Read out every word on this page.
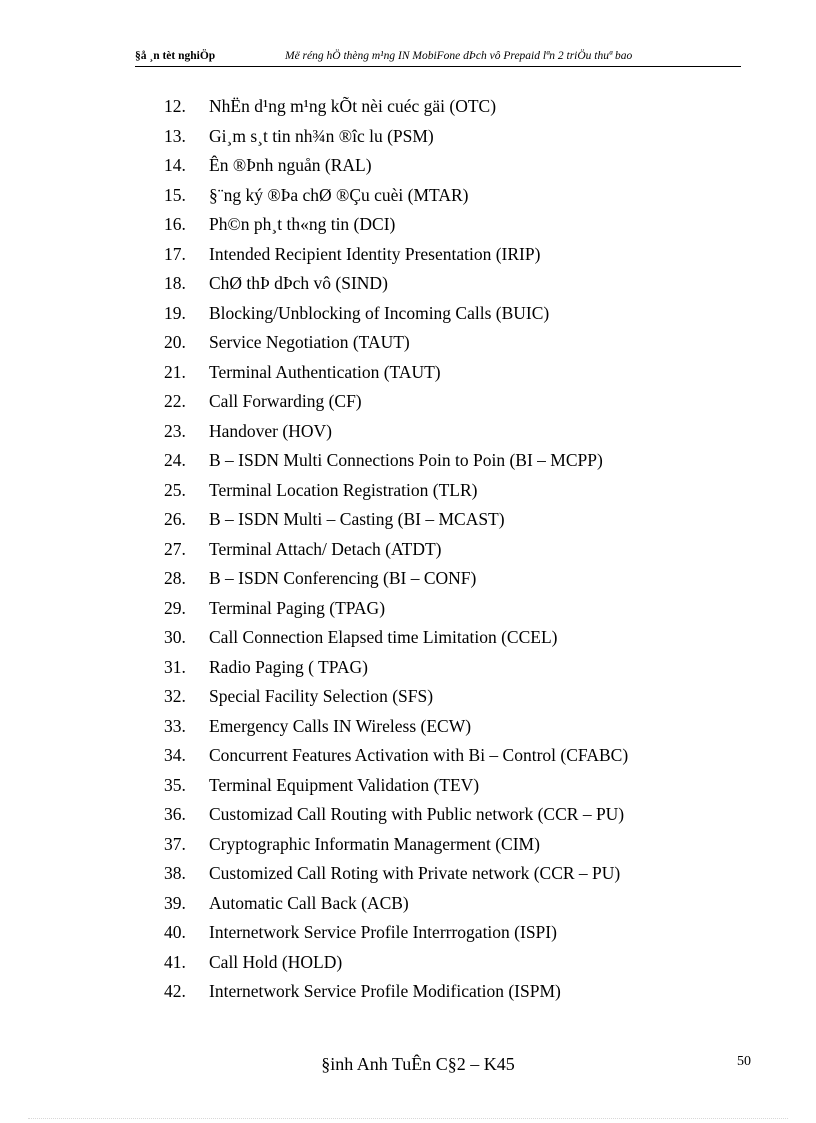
§å ¸n tèt nghiÖp	Më réng hÖ thèng m¹ng IN MobiFone dÞch vô Prepaid lªn 2 triÖu thuª bao
12.	NhËn d¹ng m¹ng kÕt nèi cuéc gäi (OTC)
13.	Gi¸m s¸t tin nh¾n ®îc lu (PSM)
14.	Ên ®Þnh nguån (RAL)
15.	§¨ng ký ®Þa chØ ®Çu cuèi (MTAR)
16.	Ph©n ph¸t th«ng tin (DCI)
17.	Intended Recipient Identity Presentation (IRIP)
18.	ChØ thÞ dÞch vô (SIND)
19.	Blocking/Unblocking of Incoming Calls (BUIC)
20.	Service Negotiation (TAUT)
21.	Terminal Authentication (TAUT)
22.	Call Forwarding (CF)
23.	Handover (HOV)
24.	B – ISDN Multi Connections Poin to Poin (BI – MCPP)
25.	Terminal Location Registration (TLR)
26.	B – ISDN Multi – Casting (BI – MCAST)
27.	Terminal Attach/ Detach (ATDT)
28.	B – ISDN Conferencing (BI – CONF)
29.	Terminal Paging (TPAG)
30.	Call Connection Elapsed time Limitation (CCEL)
31.	Radio Paging ( TPAG)
32.	Special Facility Selection (SFS)
33.	Emergency Calls IN Wireless (ECW)
34.	Concurrent Features Activation with Bi – Control (CFABC)
35.	Terminal Equipment Validation (TEV)
36.	Customizad Call Routing with Public network (CCR – PU)
37.	Cryptographic Informatin Managerment (CIM)
38.	Customized Call Roting with Private network (CCR – PU)
39.	Automatic Call Back (ACB)
40.	Internetwork Service Profile Interrrogation (ISPI)
41.	Call Hold (HOLD)
42.	Internetwork Service Profile Modification (ISPM)
§inh Anh TuÊn C§2 – K45	50
